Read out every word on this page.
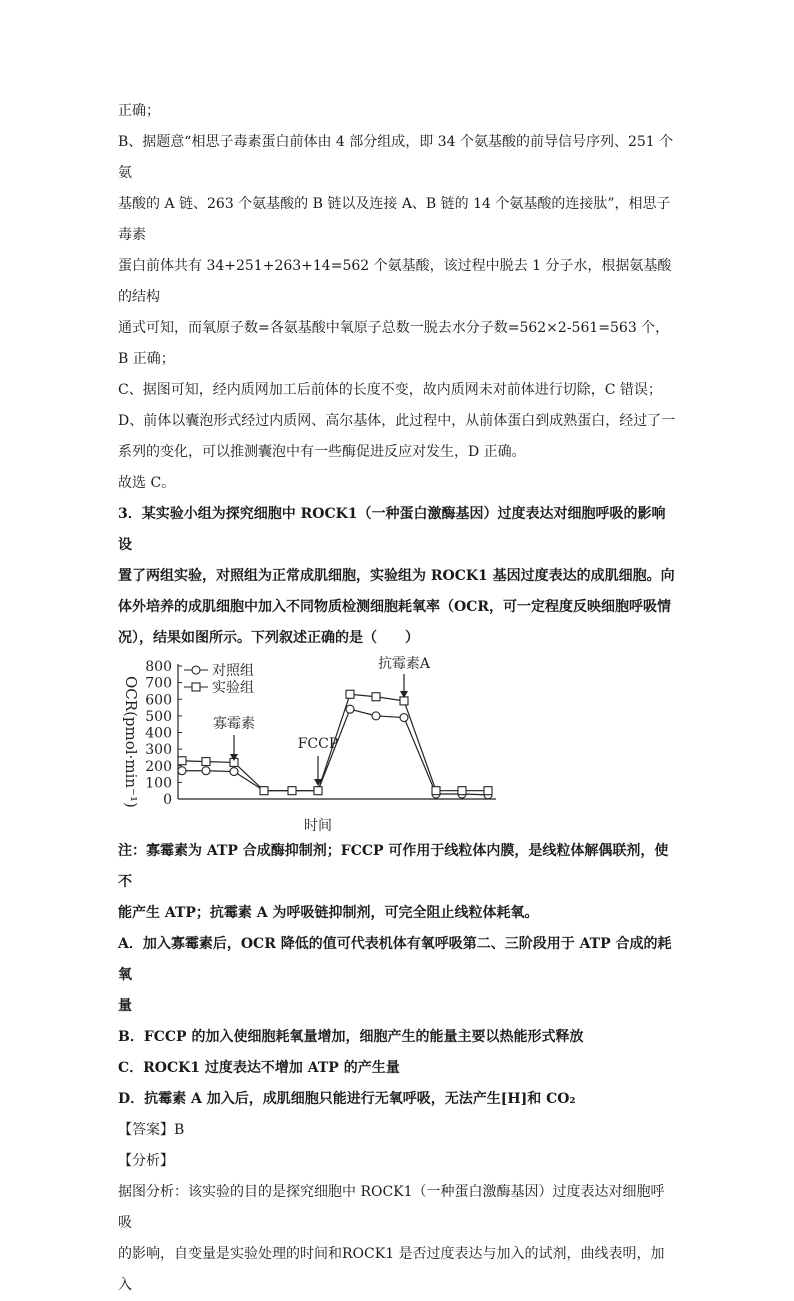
正确；

B、据题意“相思子毒素蛋白前体由 4 部分组成，即 34 个氨基酸的前导信号序列、251 个氨

基酸的 A 链、263 个氨基酸的 B 链以及连接 A、B 链的 14 个氨基酸的连接肽”，相思子毒素

蛋白前体共有 34+251+263+14=562 个氨基酸，该过程中脱去 1 分子水，根据氨基酸的结构

通式可知，而氧原子数=各氨基酸中氧原子总数一脱去水分子数=562×2-561=563 个，B 正确；

C、据图可知，经内质网加工后前体的长度不变，故内质网未对前体进行切除，C 错误；

D、前体以囊泡形式经过内质网、高尔基体，此过程中，从前体蛋白到成熟蛋白，经过了一

系列的变化，可以推测囊泡中有一些酶促进反应对发生，D 正确。

故选 C。

3．某实验小组为探究细胞中 ROCK1（一种蛋白激酶基因）过度表达对细胞呼吸的影响设

置了两组实验，对照组为正常成肌细胞，实验组为 ROCK1 基因过度表达的成肌细胞。向

体外培养的成肌细胞中加入不同物质检测细胞耗氧率（OCR，可一定程度反映细胞呼吸情

况），结果如图所示。下列叙述正确的是（　　）

0
100
200
300
400
500
600
700
800
OCR(pmol·min⁻¹)
时间
对照组
实验组
寡霉素
FCCP
抗霉素A

注：寡霉素为 ATP 合成酶抑制剂；FCCP 可作用于线粒体内膜，是线粒体解偶联剂，使不

能产生 ATP；抗霉素 A 为呼吸链抑制剂，可完全阻止线粒体耗氧。

A．加入寡霉素后，OCR 降低的值可代表机体有氧呼吸第二、三阶段用于 ATP 合成的耗氧

量

B．FCCP 的加入使细胞耗氧量增加，细胞产生的能量主要以热能形式释放

C．ROCK1 过度表达不增加 ATP 的产生量

D．抗霉素 A 加入后，成肌细胞只能进行无氧呼吸，无法产生[H]和 CO₂

【答案】B

【分析】

据图分析：该实验的目的是探究细胞中 ROCK1（一种蛋白激酶基因）过度表达对细胞呼吸

的影响，自变量是实验处理的时间和ROCK1 是否过度表达与加入的试剂，曲线表明，加入
